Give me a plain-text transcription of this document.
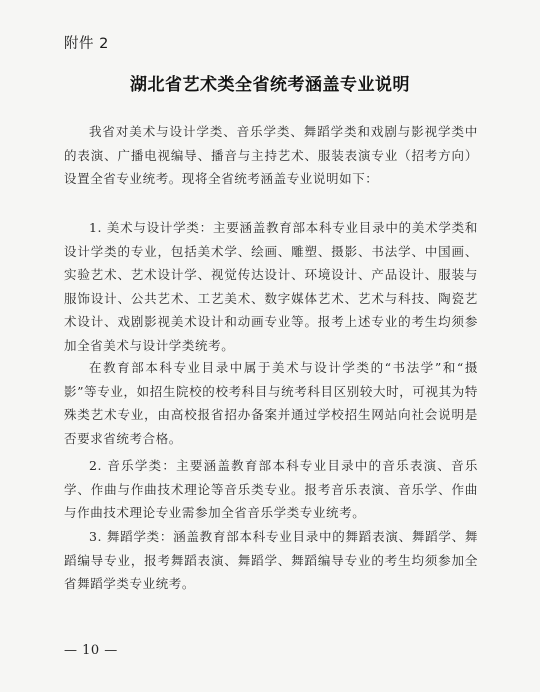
附件 2
湖北省艺术类全省统考涵盖专业说明

我省对美术与设计学类、音乐学类、舞蹈学类和戏剧与影视学类中的表演、广播电视编导、播音与主持艺术、服装表演专业（招考方向）设置全省专业统考。现将全省统考涵盖专业说明如下：

1. 美术与设计学类：主要涵盖教育部本科专业目录中的美术学类和设计学类的专业，包括美术学、绘画、雕塑、摄影、书法学、中国画、实验艺术、艺术设计学、视觉传达设计、环境设计、产品设计、服装与服饰设计、公共艺术、工艺美术、数字媒体艺术、艺术与科技、陶瓷艺术设计、戏剧影视美术设计和动画专业等。报考上述专业的考生均须参加全省美术与设计学类统考。

在教育部本科专业目录中属于美术与设计学类的“书法学”和“摄影”等专业，如招生院校的校考科目与统考科目区别较大时，可视其为特殊类艺术专业，由高校报省招办备案并通过学校招生网站向社会说明是否要求省统考合格。

2. 音乐学类：主要涵盖教育部本科专业目录中的音乐表演、音乐学、作曲与作曲技术理论等音乐类专业。报考音乐表演、音乐学、作曲与作曲技术理论专业需参加全省音乐学类专业统考。

3. 舞蹈学类：涵盖教育部本科专业目录中的舞蹈表演、舞蹈学、舞蹈编导专业，报考舞蹈表演、舞蹈学、舞蹈编导专业的考生均须参加全省舞蹈学类专业统考。

— 10 —
